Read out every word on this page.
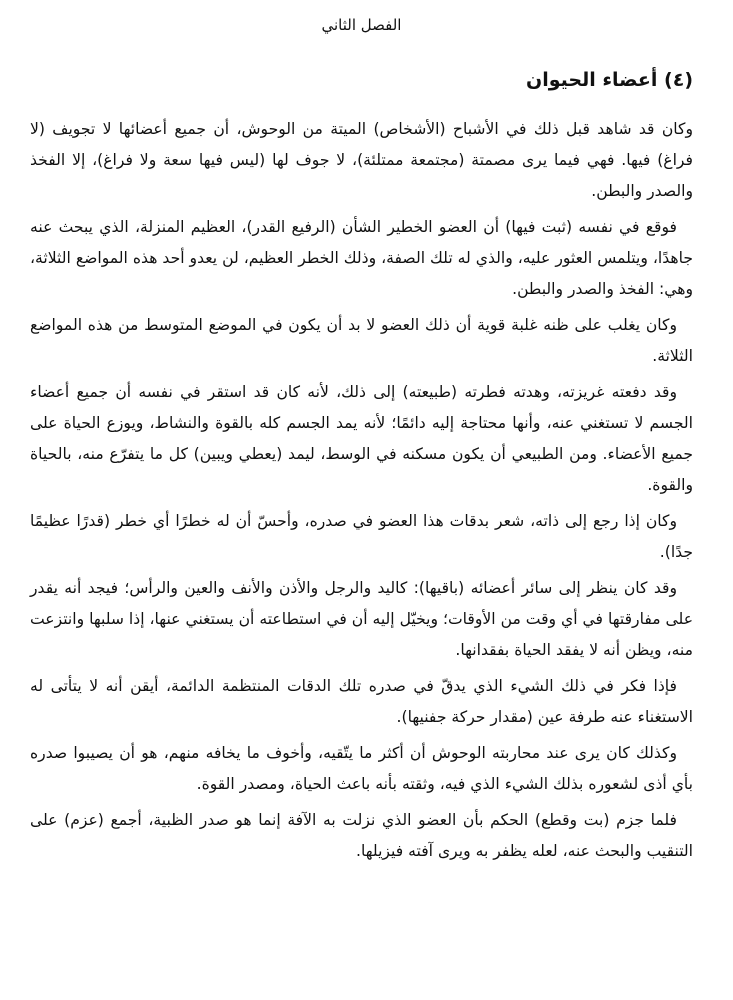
الفصل الثاني
(٤) أعضاء الحيوان

وكان قد شاهد قبل ذلك في الأشباح (الأشخاص) الميتة من الوحوش، أن جميع أعضائها لا تجويف (لا فراغ) فيها. فهي فيما يرى مصمتة (مجتمعة ممتلئة)، لا جوف لها (ليس فيها سعة ولا فراغ)، إلا الفخذ والصدر والبطن.

فوقع في نفسه (ثبت فيها) أن العضو الخطير الشأن (الرفيع القدر)، العظيم المنزلة، الذي يبحث عنه جاهدًا، ويتلمس العثور عليه، والذي له تلك الصفة، وذلك الخطر العظيم، لن يعدو أحد هذه المواضع الثلاثة، وهي: الفخذ والصدر والبطن.

وكان يغلب على ظنه غلبة قوية أن ذلك العضو لا بد أن يكون في الموضع المتوسط من هذه المواضع الثلاثة.

وقد دفعته غريزته، وهدته فطرته (طبيعته) إلى ذلك، لأنه كان قد استقر في نفسه أن جميع أعضاء الجسم لا تستغني عنه، وأنها محتاجة إليه دائمًا؛ لأنه يمد الجسم كله بالقوة والنشاط، ويوزع الحياة على جميع الأعضاء. ومن الطبيعي أن يكون مسكنه في الوسط، ليمد (يعطي ويبين) كل ما يتفرّع منه، بالحياة والقوة.

وكان إذا رجع إلى ذاته، شعر بدقات هذا العضو في صدره، وأحسّ أن له خطرًا أي خطر (قدرًا عظيمًا جدًا).

وقد كان ينظر إلى سائر أعضائه (باقيها): كاليد والرجل والأذن والأنف والعين والرأس؛ فيجد أنه يقدر على مفارقتها في أي وقت من الأوقات؛ ويخيّل إليه أن في استطاعته أن يستغني عنها، إذا سلبها وانتزعت منه، ويظن أنه لا يفقد الحياة بفقدانها.

فإذا فكر في ذلك الشيء الذي يدقّ في صدره تلك الدقات المنتظمة الدائمة، أيقن أنه لا يتأتى له الاستغناء عنه طرفة عين (مقدار حركة جفنيها).

وكذلك كان يرى عند محاربته الوحوش أن أكثر ما يتّقيه، وأخوف ما يخافه منهم، هو أن يصيبوا صدره بأي أذى لشعوره بذلك الشيء الذي فيه، وثقته بأنه باعث الحياة، ومصدر القوة.

فلما جزم (بت وقطع) الحكم بأن العضو الذي نزلت به الآفة إنما هو صدر الظبية، أجمع (عزم) على التنقيب والبحث عنه، لعله يظفر به ويرى آفته فيزيلها.
